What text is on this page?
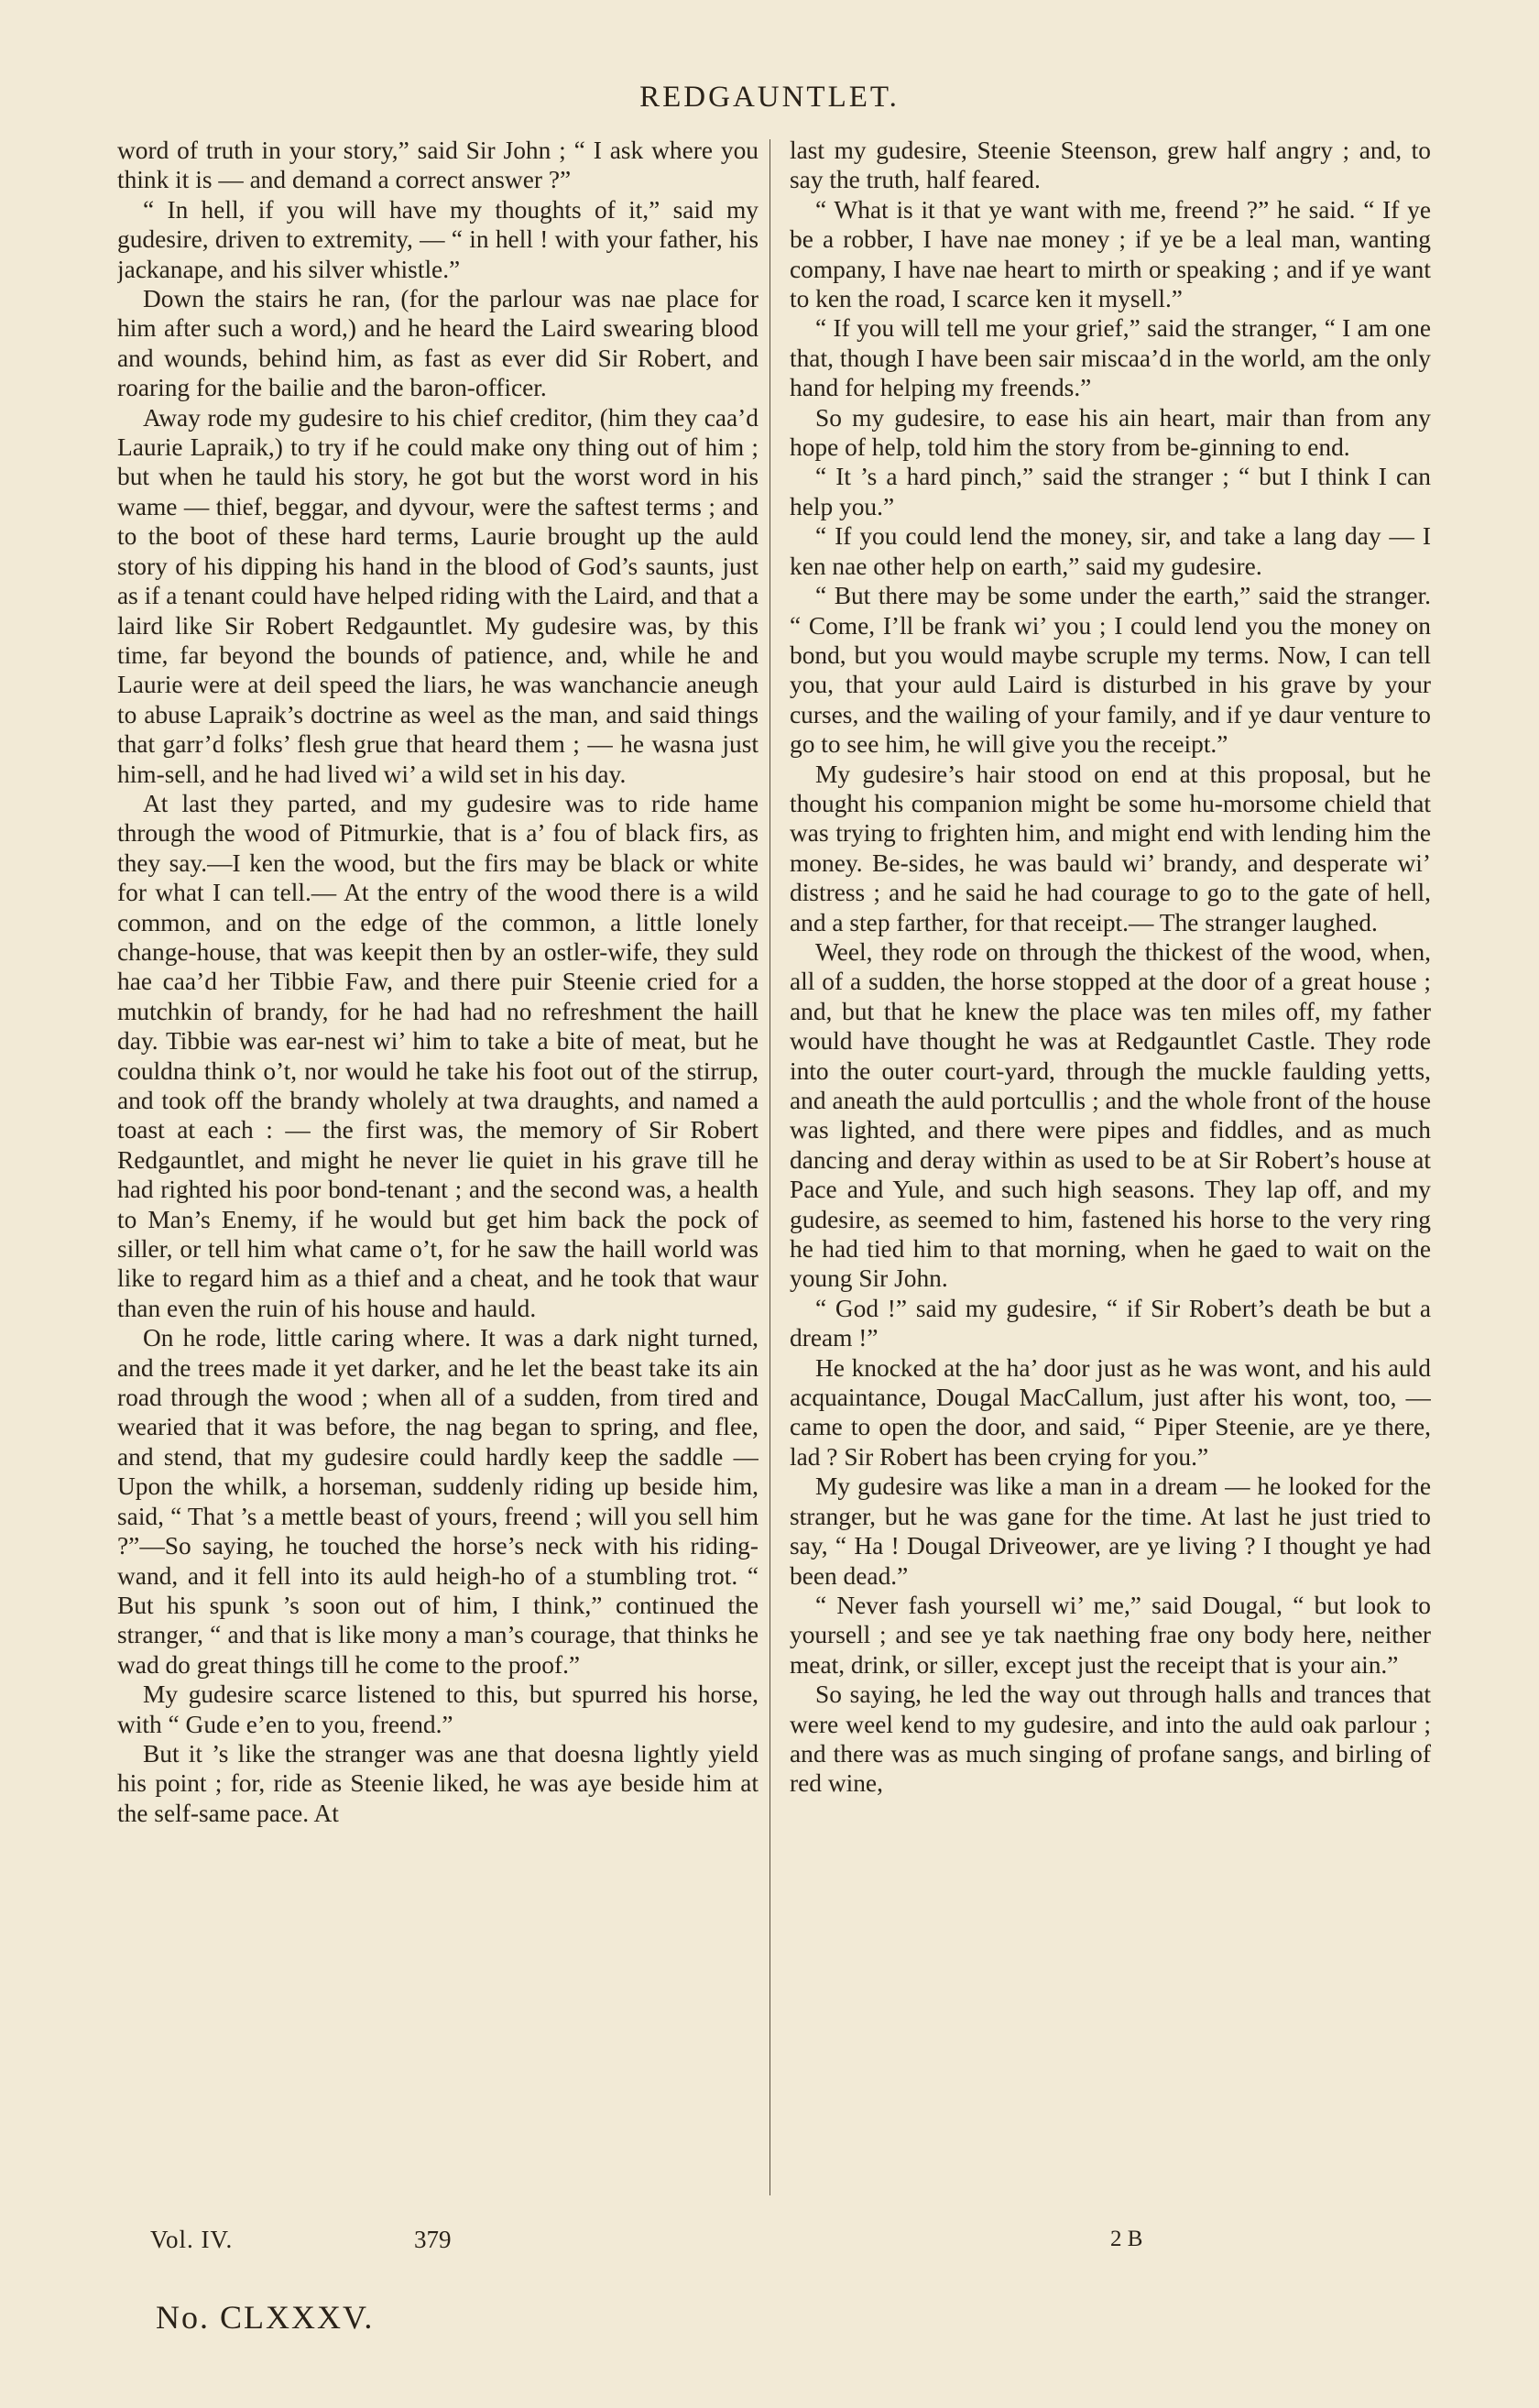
REDGAUNTLET.

word of truth in your story,” said Sir John ; “ I ask where you think it is — and demand a correct answer ?”

“ In hell, if you will have my thoughts of it,” said my gudesire, driven to extremity, — “ in hell ! with your father, his jackanape, and his silver whistle.”

Down the stairs he ran, (for the parlour was nae place for him after such a word,) and he heard the Laird swearing blood and wounds, behind him, as fast as ever did Sir Robert, and roaring for the bailie and the baron-officer.

Away rode my gudesire to his chief creditor, (him they caa’d Laurie Lapraik,) to try if he could make ony thing out of him ; but when he tauld his story, he got but the worst word in his wame — thief, beggar, and dyvour, were the saftest terms ; and to the boot of these hard terms, Laurie brought up the auld story of his dipping his hand in the blood of God’s saunts, just as if a tenant could have helped riding with the Laird, and that a laird like Sir Robert Redgauntlet. My gudesire was, by this time, far beyond the bounds of patience, and, while he and Laurie were at deil speed the liars, he was wanchancie aneugh to abuse Lapraik’s doctrine as weel as the man, and said things that garr’d folks’ flesh grue that heard them ; — he wasna just him-sell, and he had lived wi’ a wild set in his day.

At last they parted, and my gudesire was to ride hame through the wood of Pitmurkie, that is a’ fou of black firs, as they say.—I ken the wood, but the firs may be black or white for what I can tell.— At the entry of the wood there is a wild common, and on the edge of the common, a little lonely change-house, that was keepit then by an ostler-wife, they suld hae caa’d her Tibbie Faw, and there puir Steenie cried for a mutchkin of brandy, for he had had no refreshment the haill day. Tibbie was ear-nest wi’ him to take a bite of meat, but he couldna think o’t, nor would he take his foot out of the stirrup, and took off the brandy wholely at twa draughts, and named a toast at each : — the first was, the memory of Sir Robert Redgauntlet, and might he never lie quiet in his grave till he had righted his poor bond-tenant ; and the second was, a health to Man’s Enemy, if he would but get him back the pock of siller, or tell him what came o’t, for he saw the haill world was like to regard him as a thief and a cheat, and he took that waur than even the ruin of his house and hauld.

On he rode, little caring where. It was a dark night turned, and the trees made it yet darker, and he let the beast take its ain road through the wood ; when all of a sudden, from tired and wearied that it was before, the nag began to spring, and flee, and stend, that my gudesire could hardly keep the saddle — Upon the whilk, a horseman, suddenly riding up beside him, said, “ That ’s a mettle beast of yours, freend ; will you sell him ?”—So saying, he touched the horse’s neck with his riding-wand, and it fell into its auld heigh-ho of a stumbling trot. “ But his spunk ’s soon out of him, I think,” continued the stranger, “ and that is like mony a man’s courage, that thinks he wad do great things till he come to the proof.”

My gudesire scarce listened to this, but spurred his horse, with “ Gude e’en to you, freend.”

But it ’s like the stranger was ane that doesna lightly yield his point ; for, ride as Steenie liked, he was aye beside him at the self-same pace. At

last my gudesire, Steenie Steenson, grew half angry ; and, to say the truth, half feared.

“ What is it that ye want with me, freend ?” he said. “ If ye be a robber, I have nae money ; if ye be a leal man, wanting company, I have nae heart to mirth or speaking ; and if ye want to ken the road, I scarce ken it mysell.”

“ If you will tell me your grief,” said the stranger, “ I am one that, though I have been sair miscaa’d in the world, am the only hand for helping my freends.”

So my gudesire, to ease his ain heart, mair than from any hope of help, told him the story from be-ginning to end.

“ It ’s a hard pinch,” said the stranger ; “ but I think I can help you.”

“ If you could lend the money, sir, and take a lang day — I ken nae other help on earth,” said my gudesire.

“ But there may be some under the earth,” said the stranger. “ Come, I’ll be frank wi’ you ; I could lend you the money on bond, but you would maybe scruple my terms. Now, I can tell you, that your auld Laird is disturbed in his grave by your curses, and the wailing of your family, and if ye daur venture to go to see him, he will give you the receipt.”

My gudesire’s hair stood on end at this proposal, but he thought his companion might be some hu-morsome chield that was trying to frighten him, and might end with lending him the money. Be-sides, he was bauld wi’ brandy, and desperate wi’ distress ; and he said he had courage to go to the gate of hell, and a step farther, for that receipt.— The stranger laughed.

Weel, they rode on through the thickest of the wood, when, all of a sudden, the horse stopped at the door of a great house ; and, but that he knew the place was ten miles off, my father would have thought he was at Redgauntlet Castle. They rode into the outer court-yard, through the muckle faulding yetts, and aneath the auld portcullis ; and the whole front of the house was lighted, and there were pipes and fiddles, and as much dancing and deray within as used to be at Sir Robert’s house at Pace and Yule, and such high seasons. They lap off, and my gudesire, as seemed to him, fastened his horse to the very ring he had tied him to that morning, when he gaed to wait on the young Sir John.

“ God !” said my gudesire, “ if Sir Robert’s death be but a dream !”

He knocked at the ha’ door just as he was wont, and his auld acquaintance, Dougal MacCallum, just after his wont, too, — came to open the door, and said, “ Piper Steenie, are ye there, lad ? Sir Robert has been crying for you.”

My gudesire was like a man in a dream — he looked for the stranger, but he was gane for the time. At last he just tried to say, “ Ha ! Dougal Driveower, are ye living ? I thought ye had been dead.”

“ Never fash yoursell wi’ me,” said Dougal, “ but look to yoursell ; and see ye tak naething frae ony body here, neither meat, drink, or siller, except just the receipt that is your ain.”

So saying, he led the way out through halls and trances that were weel kend to my gudesire, and into the auld oak parlour ; and there was as much singing of profane sangs, and birling of red wine,

Vol. IV.	379	2 B
No. CLXXXV.
